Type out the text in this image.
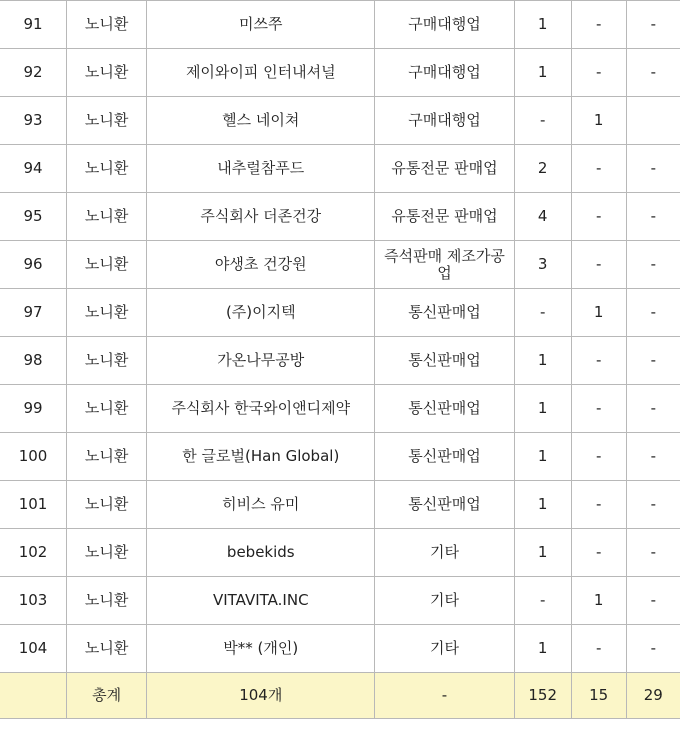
91	노니환	미쓰쭈	구매대행업	1	-	-
92	노니환	제이와이피 인터내셔널	구매대행업	1	-	-
93	노니환	헬스 네이쳐	구매대행업	-	1	
94	노니환	내추럴참푸드	유통전문 판매업	2	-	-
95	노니환	주식회사 더존건강	유통전문 판매업	4	-	-
96	노니환	야생초 건강원	즉석판매 제조가공업	3	-	-
97	노니환	(주)이지텍	통신판매업	-	1	-
98	노니환	가온나무공방	통신판매업	1	-	-
99	노니환	주식회사 한국와이앤디제약	통신판매업	1	-	-
100	노니환	한 글로벌(Han Global)	통신판매업	1	-	-
101	노니환	히비스 유미	통신판매업	1	-	-
102	노니환	bebekids	기타	1	-	-
103	노니환	VITAVITA.INC	기타	-	1	-
104	노니환	박** (개인)	기타	1	-	-
	총계	104개	-	152	15	29
